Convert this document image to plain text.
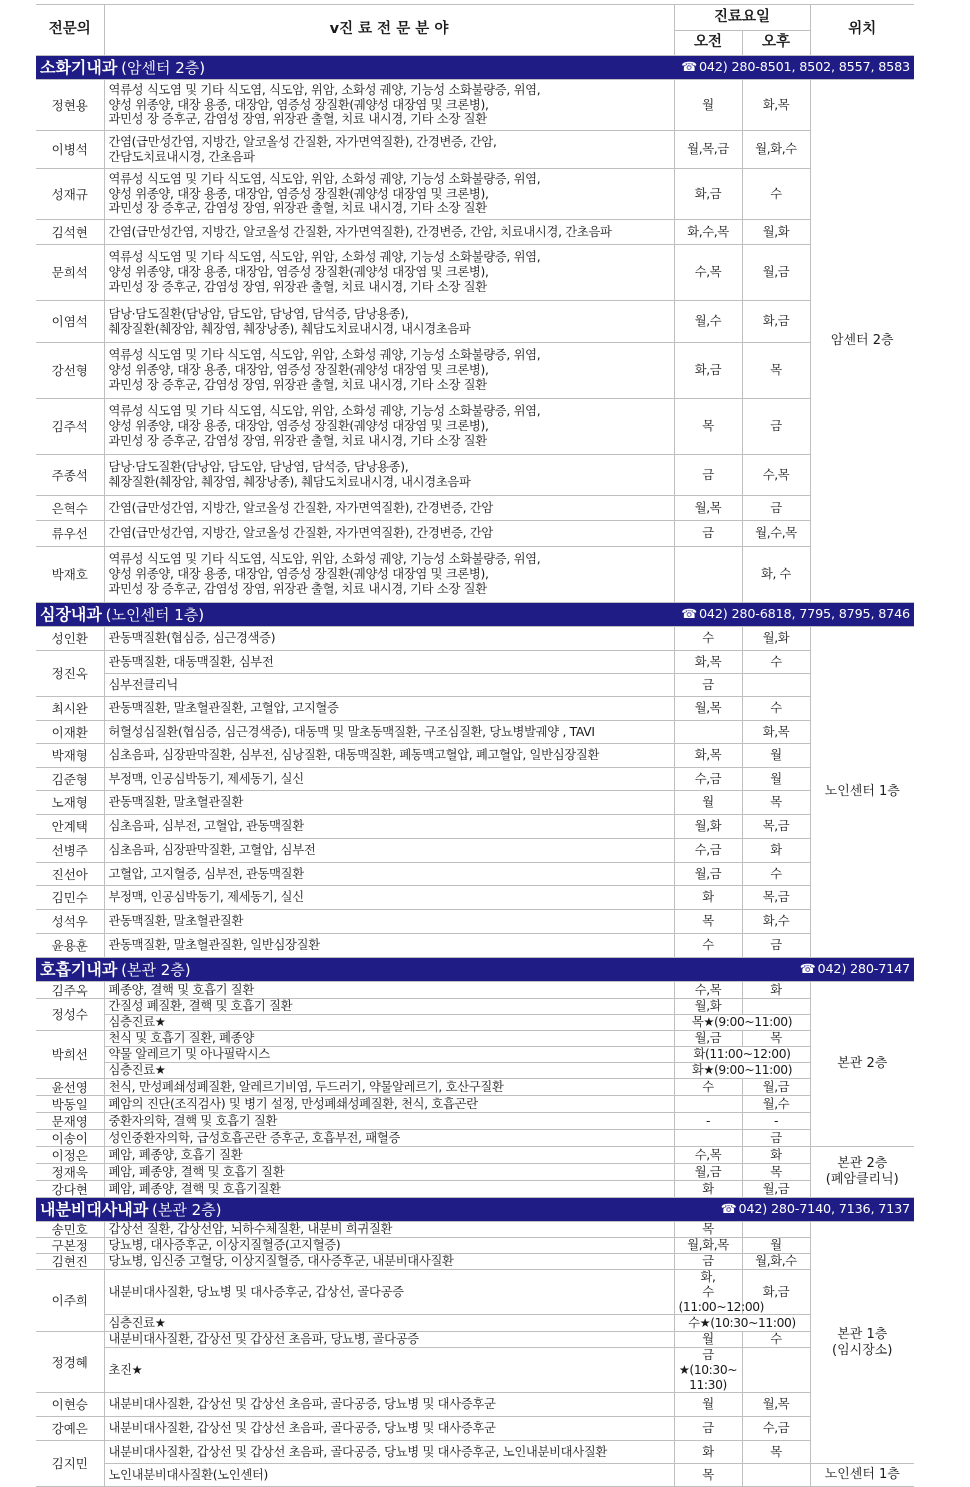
전문의	v진 료 전 문 분 야	진료요일		위치
		오전	오후	

☎ 042) 280-8501, 8502, 8557, 8583
소화기내과 (암센터 2층)				
정현용	역류성 식도염 및 기타 식도염, 식도암, 위암, 소화성 궤양, 기능성 소화불량증, 위염,
양성 위종양, 대장 용종, 대장암, 염증성 장질환(궤양성 대장염 및 크론병),
과민성 장 증후군, 감염성 장염, 위장관 출혈, 치료 내시경, 기타 소장 질환	월	화,목	암센터 2층
이병석	간염(급만성간염, 지방간, 알코올성 간질환, 자가면역질환), 간경변증, 간암,
간담도치료내시경, 간초음파	월,목,금	월,화,수	
성재규	역류성 식도염 및 기타 식도염, 식도암, 위암, 소화성 궤양, 기능성 소화불량증, 위염,
양성 위종양, 대장 용종, 대장암, 염증성 장질환(궤양성 대장염 및 크론병),
과민성 장 증후군, 감염성 장염, 위장관 출혈, 치료 내시경, 기타 소장 질환	화,금	수	
김석현	간염(급만성간염, 지방간, 알코올성 간질환, 자가면역질환), 간경변증, 간암, 치료내시경, 간초음파	화,수,목	월,화	
문희석	역류성 식도염 및 기타 식도염, 식도암, 위암, 소화성 궤양, 기능성 소화불량증, 위염,
양성 위종양, 대장 용종, 대장암, 염증성 장질환(궤양성 대장염 및 크론병),
과민성 장 증후군, 감염성 장염, 위장관 출혈, 치료 내시경, 기타 소장 질환	수,목	월,금	
이염석	담낭·담도질환(담낭암, 담도암, 담낭염, 담석증, 담낭용종),
췌장질환(췌장암, 췌장염, 췌장낭종), 췌담도치료내시경, 내시경초음파	월,수	화,금	
강선형	역류성 식도염 및 기타 식도염, 식도암, 위암, 소화성 궤양, 기능성 소화불량증, 위염,
양성 위종양, 대장 용종, 대장암, 염증성 장질환(궤양성 대장염 및 크론병),
과민성 장 증후군, 감염성 장염, 위장관 출혈, 치료 내시경, 기타 소장 질환	화,금	목	
김주석	역류성 식도염 및 기타 식도염, 식도암, 위암, 소화성 궤양, 기능성 소화불량증, 위염,
양성 위종양, 대장 용종, 대장암, 염증성 장질환(궤양성 대장염 및 크론병),
과민성 장 증후군, 감염성 장염, 위장관 출혈, 치료 내시경, 기타 소장 질환	목	금	
주종석	담낭·담도질환(담낭암, 담도암, 담낭염, 담석증, 담낭용종),
췌장질환(췌장암, 췌장염, 췌장낭종), 췌담도치료내시경, 내시경초음파	금	수,목	
은혁수	간염(급만성간염, 지방간, 알코올성 간질환, 자가면역질환), 간경변증, 간암	월,목	금	
류우선	간염(급만성간염, 지방간, 알코올성 간질환, 자가면역질환), 간경변증, 간암	금	월,수,목	
박재호	역류성 식도염 및 기타 식도염, 식도암, 위암, 소화성 궤양, 기능성 소화불량증, 위염,
양성 위종양, 대장 용종, 대장암, 염증성 장질환(궤양성 대장염 및 크론병),
과민성 장 증후군, 감염성 장염, 위장관 출혈, 치료 내시경, 기타 소장 질환		화, 수	

☎ 042) 280-6818, 7795, 8795, 8746
심장내과 (노인센터 1층)				
성인환	관동맥질환(협심증, 심근경색증)	수	월,화	노인센터 1층
정진옥	관동맥질환, 대동맥질환, 심부전	화,목	수	
	심부전클리닉	금		
최시완	관동맥질환, 말초혈관질환, 고혈압, 고지혈증	월,목	수	
이재환	허혈성심질환(협심증, 심근경색증), 대동맥 및 말초동맥질환, 구조심질환, 당뇨병발궤양 , TAVI		화,목	
박재형	심초음파, 심장판막질환, 심부전, 심낭질환, 대동맥질환, 폐동맥고혈압, 폐고혈압, 일반심장질환	화,목	월	
김준형	부정맥, 인공심박동기, 제세동기, 실신	수,금	월	
노재형	관동맥질환, 말초혈관질환	월	목	
안계택	심초음파, 심부전, 고혈압, 관동맥질환	월,화	목,금	
선병주	심초음파, 심장판막질환, 고혈압, 심부전	수,금	화	
진선아	고혈압, 고지혈증, 심부전, 관동맥질환	월,금	수	
김민수	부정맥, 인공심박동기, 제세동기, 실신	화	목,금	
성석우	관동맥질환, 말초혈관질환	목	화,수	
윤용훈	관동맥질환, 말초혈관질환, 일반심장질환	수	금	

☎ 042) 280-7147
호흡기내과 (본관 2층)				
김주옥	폐종양, 결핵 및 호흡기 질환	수,목	화	본관 2층
정성수	간질성 폐질환, 결핵 및 호흡기 질환	월,화		
	심층진료★	목★(9:00~11:00)		
박희선	천식 및 호흡기 질환, 폐종양	월,금	목	
	약물 알레르기 및 아나필락시스	화(11:00~12:00)		
	심층진료★	화★(9:00~11:00)		
윤선영	천식, 만성폐쇄성폐질환, 알레르기비염, 두드러기, 약물알레르기, 호산구질환	수	월,금	
박동일	폐암의 진단(조직검사) 및 병기 설정, 만성폐쇄성폐질환, 천식, 호흡곤란		월,수	
문재영	중환자의학, 결핵 및 호흡기 질환	-	-	
이송이	성인중환자의학, 급성호흡곤란 증후군, 호흡부전, 패혈증		금	
이정은	폐암, 폐종양, 호흡기 질환	수,목	화	본관 2층
(폐암클리닉)
정재욱	폐암, 폐종양, 결핵 및 호흡기 질환	월,금	목	
강다현	폐암, 폐종양, 결핵 및 호흡기질환	화	월,금	

☎ 042) 280-7140, 7136, 7137
내분비대사내과 (본관 2층)				
송민호	갑상선 질환, 갑상선암, 뇌하수체질환, 내분비 희귀질환	목		본관 1층
(임시장소)
구본정	당뇨병, 대사증후군, 이상지질혈증(고지혈증)	월,화,목	월	
김현진	당뇨병, 임신중 고혈당, 이상지질혈증, 대사증후군, 내분비대사질환	금	월,화,수	
이주희	내분비대사질환, 당뇨병 및 대사증후군, 갑상선, 골다공증	화,
수(11:00~12:00)	화,금	
	심층진료★	수★(10:30~11:00)		
정경혜	내분비대사질환, 갑상선 및 갑상선 초음파, 당뇨병, 골다공증	월	수	
	초진★	금★(10:30~
11:30)		
이현승	내분비대사질환, 갑상선 및 갑상선 초음파, 골다공증, 당뇨병 및 대사증후군	월	월,목	
강예은	내분비대사질환, 갑상선 및 갑상선 초음파, 골다공증, 당뇨병 및 대사증후군	금	수,금	
김지민	내분비대사질환, 갑상선 및 갑상선 초음파, 골다공증, 당뇨병 및 대사증후군, 노인내분비대사질환	화	목	
	노인내분비대사질환(노인센터)	목		노인센터 1층
